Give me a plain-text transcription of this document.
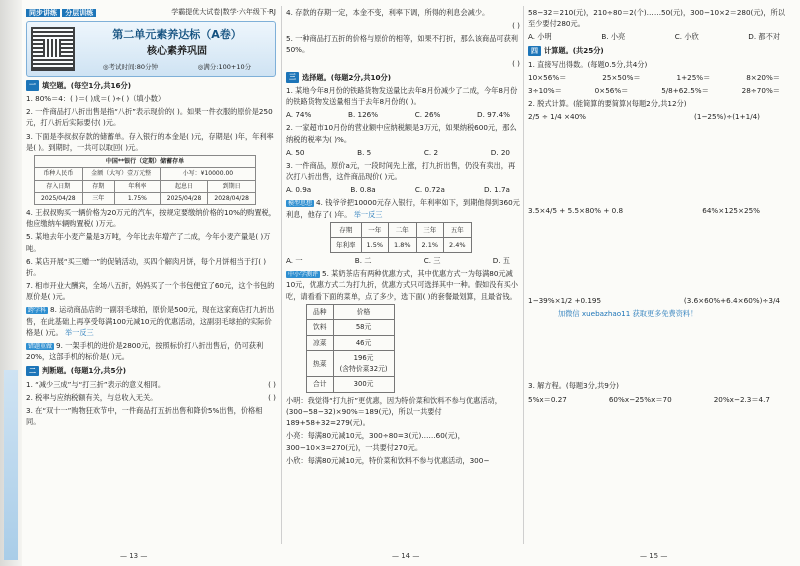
同步讲练 分层训练	学霸提优大试卷|数学·六年级下·RJ
第二单元素养达标（A卷）
核心素养巩固
◎考试时间:80分钟	◎满分:100+10分
一 填空题。(每空1分,共16分)
1. 80%＝4：( )＝( )成＝( )÷( )（填小数）
2. 一件商品打八折出售是指“八折”表示现价的( )。如果一件衣服的原价是250元，打八折后实际要付( )元。
3. 下面是李叔叔存款的储蓄单。存入银行的本金是( )元，存期是( )年，年利率是( )。到期时，一共可以取回( )元。
中国**银行（定期）储蓄存单				
币种人民币	金额（大写）壹万元整		小写：¥10000.00	
存入日期	存期	年利率	起息日	到期日
2025/04/28	三年	1.75%	2025/04/28	2028/04/28
4. 王叔叔购买一辆价格为20万元的汽车，按规定要缴纳价格的10%的购置税，他应缴纳车辆购置税( )万元。
5. 某地去年小麦产量是3万吨，今年比去年增产了二成，今年小麦产量是( )万吨。
6. 某店开展“买三赠一”的促销活动，买四个解肉月饼，每个月饼相当于打( )折。
7. 相市开业大酬宾，全场八五折，妈妈买了一个书包便宜了60元，这个书包的原价是( )元。
跨学科 8. 运动商品店的一副羽毛球拍，原价是500元，现在这家商店打九折出售，在此基础上再享受每满100元减10元的优惠活动，这副羽毛球拍的实际价格是( )元。 举一反三
错题重做 9. 一架手机的进价是2800元，按照标价打八折出售后，仍可获利20%，这部手机的标价是( )元。
二 判断题。(每题1分,共5分)
1. “减少三成”与“打三折”表示的意义相同。	( )
2. 税率与应纳税额有关，与总收入无关。	( )
3. 在“双十一”购物狂欢节中，一件商品打五折出售和降价5%出售，价格相同。
— 13 —
4. 存款的存期一定，本金不变，利率下调，所得的利息会减少。
( )
5. 一种商品打五折的价格与原价的相等，如果不打折，那么该商品可获利50%。
( )
三 选择题。(每题2分,共10分)
1. 某地今年8月份的铁路货物发送量比去年8月份减少了二成，今年8月份的铁路货物发送量相当于去年8月份的( )。
A. 74%	B. 126%	C. 26%	D. 97.4%
2. 一家超市10月份的营业额中应纳税额是3万元，如果纳税600元，那么纳税的税率为( )%。
A. 50	B. 5	C. 2	D. 20
3. 一件商品，原价a元，一段时间先上涨，打九折出售，仍没有卖出，再次打八折出售，这件商品现价( )元。
A. 0.9a	B. 0.8a	C. 0.72a	D. 1.7a
模型思想 4. 钱爷爷把10000元存入银行，年利率如下，到期他得到360元利息，他存了( )年。 举一反三
存期	一年	二年	三年	五年
年利率	1.5%	1.8%	2.1%	2.4%
A. 一	B. 二	C. 三	D. 五
中小学测评 5. 某奶茶店有两种优惠方式，其中优惠方式一为每满80元减10元，优惠方式二为打九折，优惠方式只可选择其中一种。假如没有买小吃，请看看下面的菜单，点了多少，选下面( )的套餐最划算，且最省钱。
品种	价格
饮料	58元
凉菜	46元
热菜	196元
(含特价菜32元)
合计	300元
小明：我觉得“打九折”更优惠，因为特价菜和饮料不参与优惠活动，(300−58−32)×90%＝189(元)，所以一共要付189+58+32=279(元)。
小亮：每满80元减10元，300÷80=3(元)……60(元)，300−10×3=270(元)，一共要付270元。
小欣：每满80元减10元，特价菜和饮料不参与优惠活动，300−
— 14 —
58−32＝210(元)，210÷80＝2(个)……50(元)，300−10×2＝280(元)，所以至少要付280元。
A. 小明	B. 小亮	C. 小欣	D. 都不对
四 计算题。(共25分)
1. 直接写出得数。(每题0.5分,共4分)
10×56%＝	25×50%＝	1+25%＝	8×20%＝
3÷10%＝	0×56%＝	5/8+62.5%＝	28÷70%＝
2. 脱式计算。(能简算的要简算)(每题2分,共12分)
2/5 ÷ 1/4 ×40%	(1−25%)÷(1+1/4)
3.5×4/5 + 5.5×80% + 0.8	64%×125×25%
1−39%×1/2 +0.195	(3.6×60%+6.4×60%)÷3/4
加微信 xuebazhao11 获取更多免费资料！
3. 解方程。(每题3分,共9分)
5%x＝0.27	60%x−25%x＝70	20%x−2.3＝4.7
— 15 —
